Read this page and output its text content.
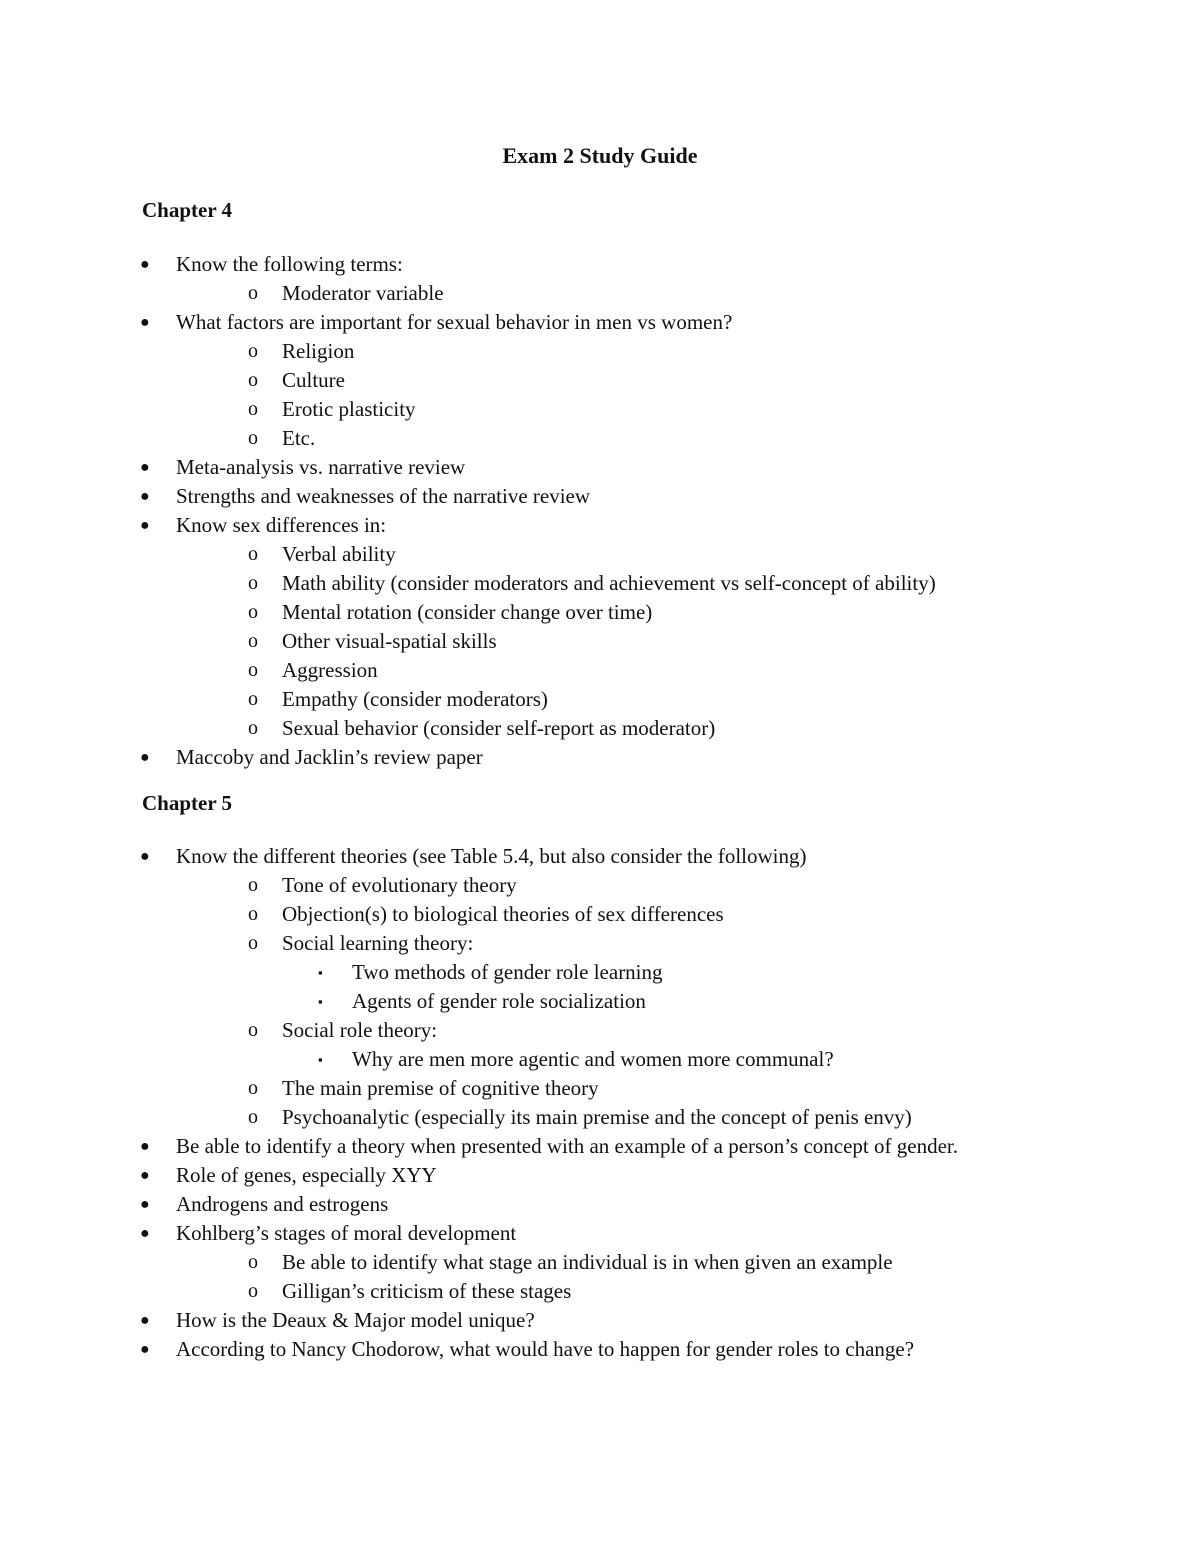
Exam 2 Study Guide
Chapter 4
● Know the following terms:
o Moderator variable
● What factors are important for sexual behavior in men vs women?
o Religion
o Culture
o Erotic plasticity
o Etc.
● Meta-analysis vs. narrative review
● Strengths and weaknesses of the narrative review
● Know sex differences in:
o Verbal ability
o Math ability (consider moderators and achievement vs self-concept of ability)
o Mental rotation (consider change over time)
o Other visual-spatial skills
o Aggression
o Empathy (consider moderators)
o Sexual behavior (consider self-report as moderator)
● Maccoby and Jacklin’s review paper
Chapter 5
● Know the different theories (see Table 5.4, but also consider the following)
o Tone of evolutionary theory
o Objection(s) to biological theories of sex differences
o Social learning theory:
▪ Two methods of gender role learning
▪ Agents of gender role socialization
o Social role theory:
▪ Why are men more agentic and women more communal?
o The main premise of cognitive theory
o Psychoanalytic (especially its main premise and the concept of penis envy)
● Be able to identify a theory when presented with an example of a person’s concept of gender.
● Role of genes, especially XYY
● Androgens and estrogens
● Kohlberg’s stages of moral development
o Be able to identify what stage an individual is in when given an example
o Gilligan’s criticism of these stages
● How is the Deaux & Major model unique?
● According to Nancy Chodorow, what would have to happen for gender roles to change?
